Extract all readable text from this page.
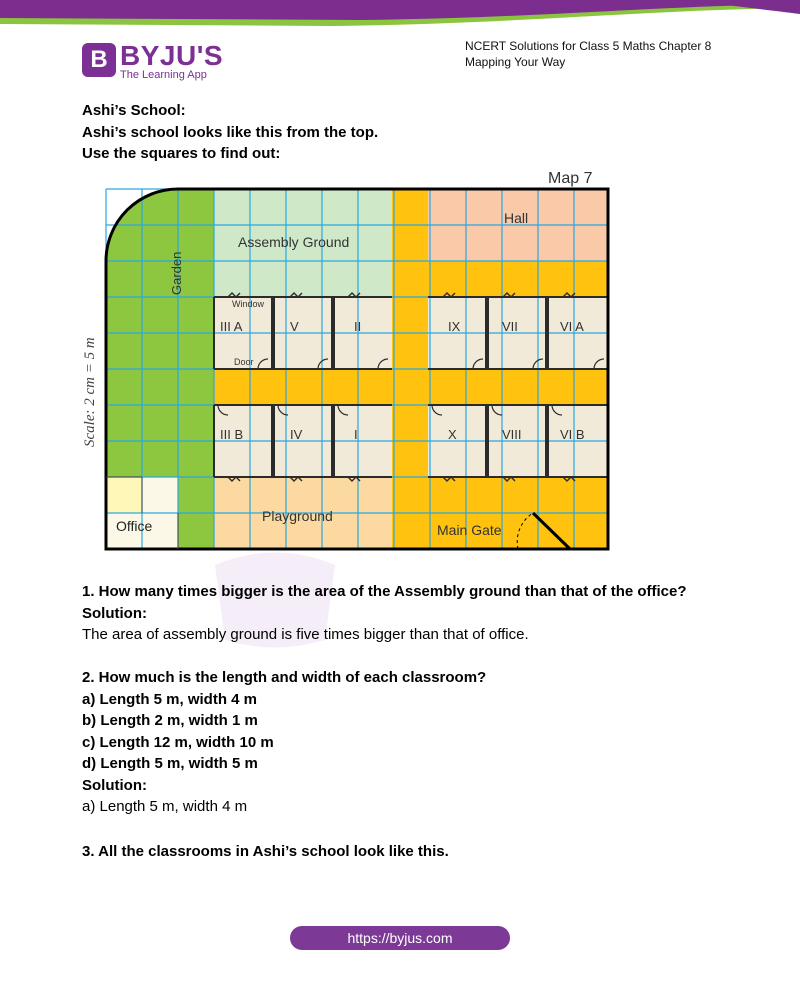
B BYJU'S
The Learning App
NCERT Solutions for Class 5 Maths Chapter 8
Mapping Your Way

Ashi’s School:

Ashi’s school looks like this from the top.

Use the squares to find out:

Map 7
Hall
Assembly Ground
Garden
Window
Door
Office
Playground
Main Gate
Scale: 2 cm = 5 m
III A	V	II	IX	VII	VI A
III B	IV	I	X	VIII	VI B

1. How many times bigger is the area of the Assembly ground than that of the office?

Solution:

The area of assembly ground is five times bigger than that of office.

2. How much is the length and width of each classroom?

a) Length 5 m, width 4 m

b) Length 2 m, width 1 m

c) Length 12 m, width 10 m

d) Length 5 m, width 5 m

Solution:

a) Length 5 m, width 4 m

3. All the classrooms in Ashi’s school look like this.

https://byjus.com
